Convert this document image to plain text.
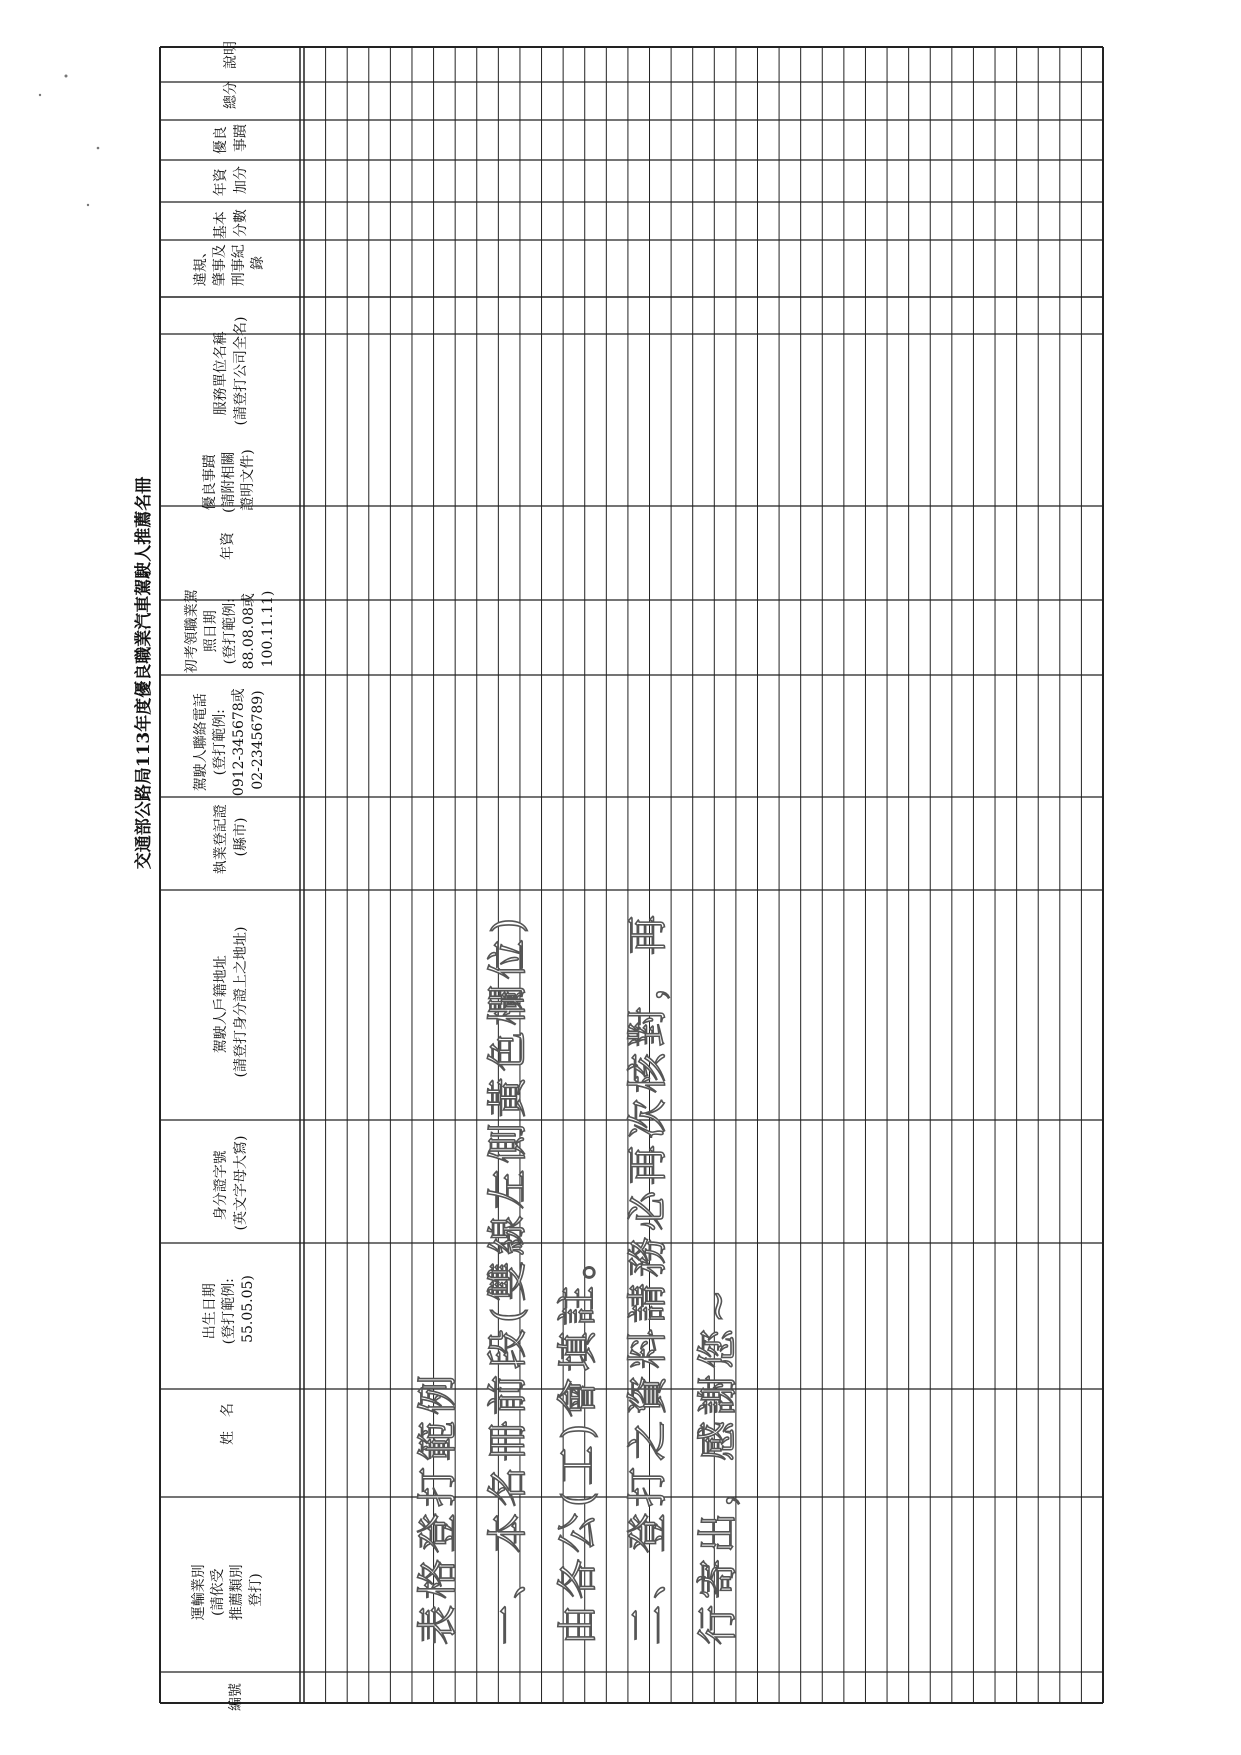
交通部公路局113年度優良職業汽車駕駛人推薦名冊
編號
運輸業別 (請依受 推薦類別 登打)
姓　名
出生日期 (登打範例: 55.05.05)
身分證字號 (英文字母大寫)
駕駛人戶籍地址 (請登打身分證上之地址)
執業登記證 (縣市)
駕駛人聯絡電話 (登打範例: 0912-345678或 02-23456789)
初考領職業駕 照日期 (登打範例: 88.08.08或 100.11.11)
年資
優良事蹟 (請附相關 證明文件)
服務單位名稱 (請登打公司全名)
違規、 肇事及 刑事紀 錄
基本 分數
年資 加分
優良 事蹟
總分
說明
表格登打範例 一、本名冊前段(雙線左側黃色欄位) 由各公(工)會填註。 二、登打之資料請務必再次核對，再 行寄出，感謝您~
